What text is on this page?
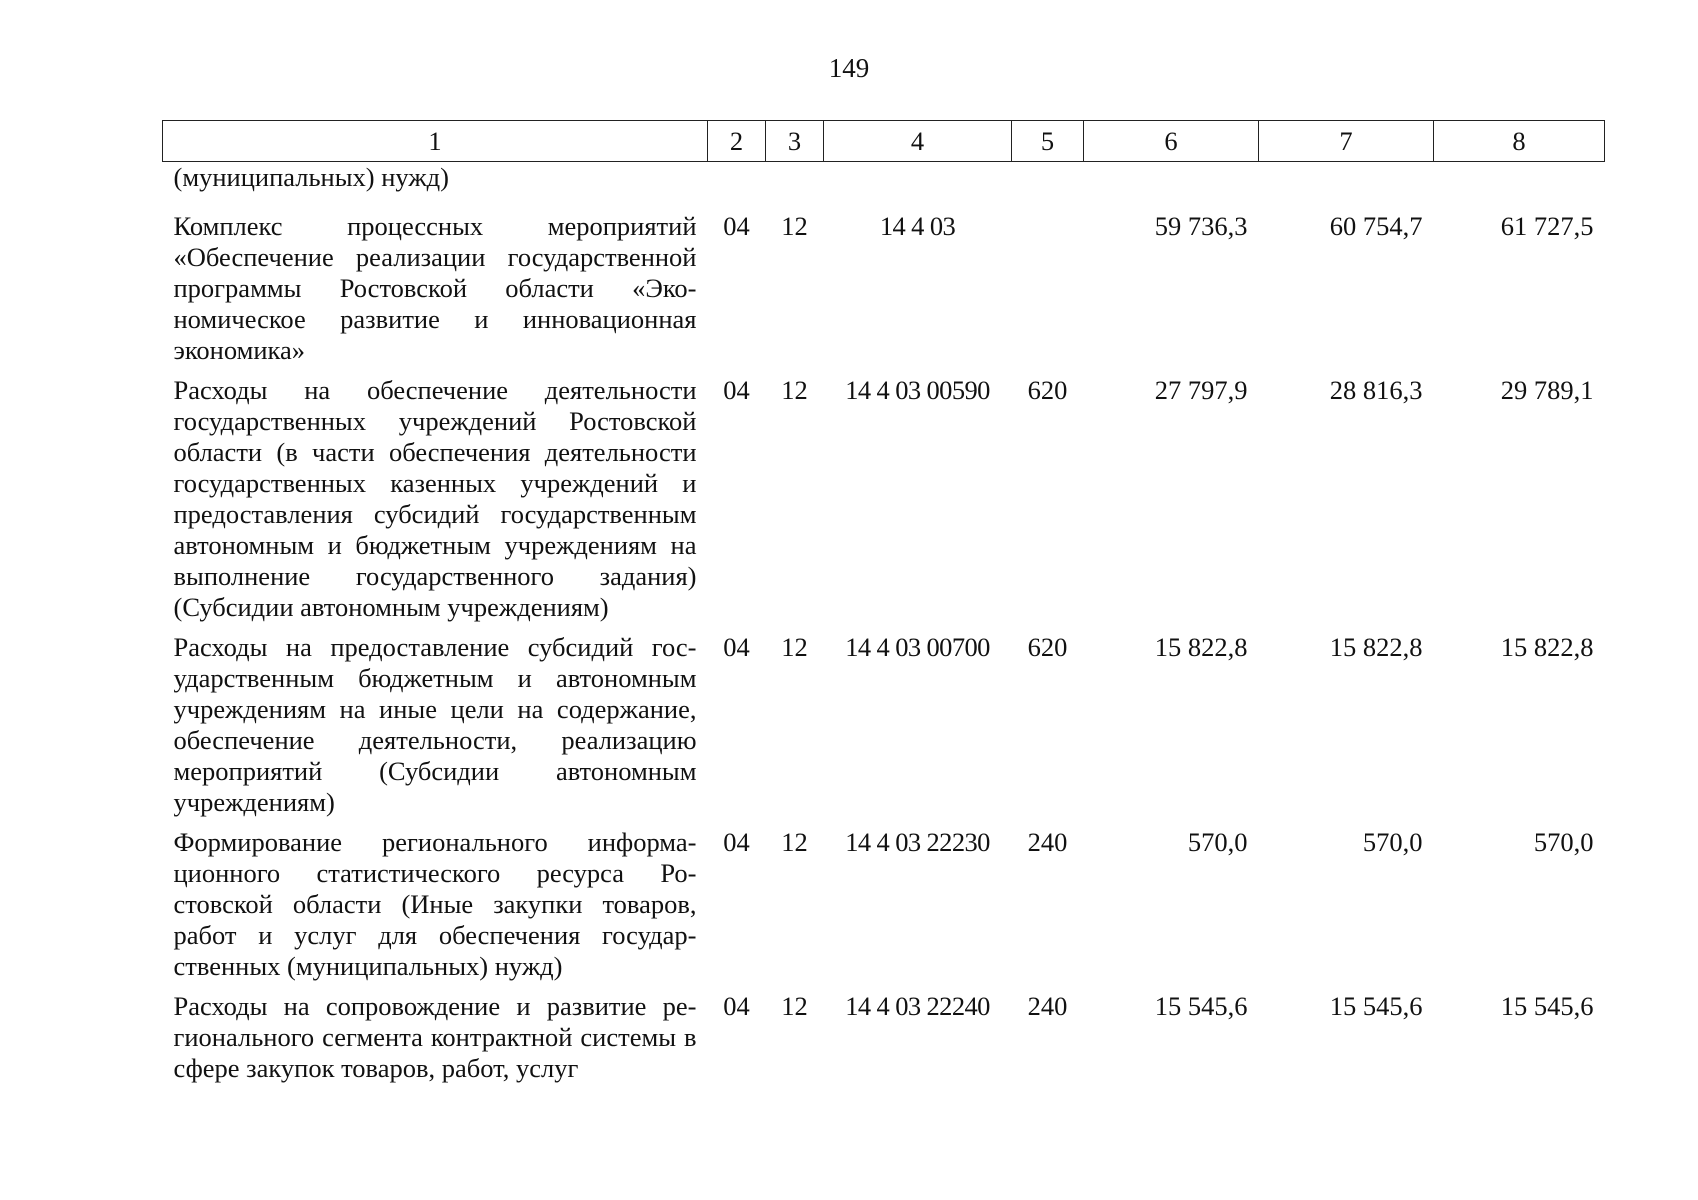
149
1	2	3	4	5	6	7	8
(муниципальных) нужд)							
Комплекс процессных мероприятий «Обеспечение реализации государственной программы Ростовской области «Экономическое развитие и инновационная экономика»	04	12	14 4 03		59 736,3	60 754,7	61 727,5
Расходы на обеспечение деятельности государственных учреждений Ростовской области (в части обеспечения деятельности государственных казенных учреждений и предоставления субсидий государственным автономным и бюджетным учреждениям на выполнение государственного задания) (Субсидии автономным учреждениям)	04	12	14 4 03 00590	620	27 797,9	28 816,3	29 789,1
Расходы на предоставление субсидий государственным бюджетным и автономным учреждениям на иные цели на содержание, обеспечение деятельности, реализацию мероприятий (Субсидии автономным учреждениям)	04	12	14 4 03 00700	620	15 822,8	15 822,8	15 822,8
Формирование регионального информационного статистического ресурса Ростовской области (Иные закупки товаров, работ и услуг для обеспечения государственных (муниципальных) нужд)	04	12	14 4 03 22230	240	570,0	570,0	570,0
Расходы на сопровождение и развитие регионального сегмента контрактной системы в сфере закупок товаров, работ, услуг	04	12	14 4 03 22240	240	15 545,6	15 545,6	15 545,6
